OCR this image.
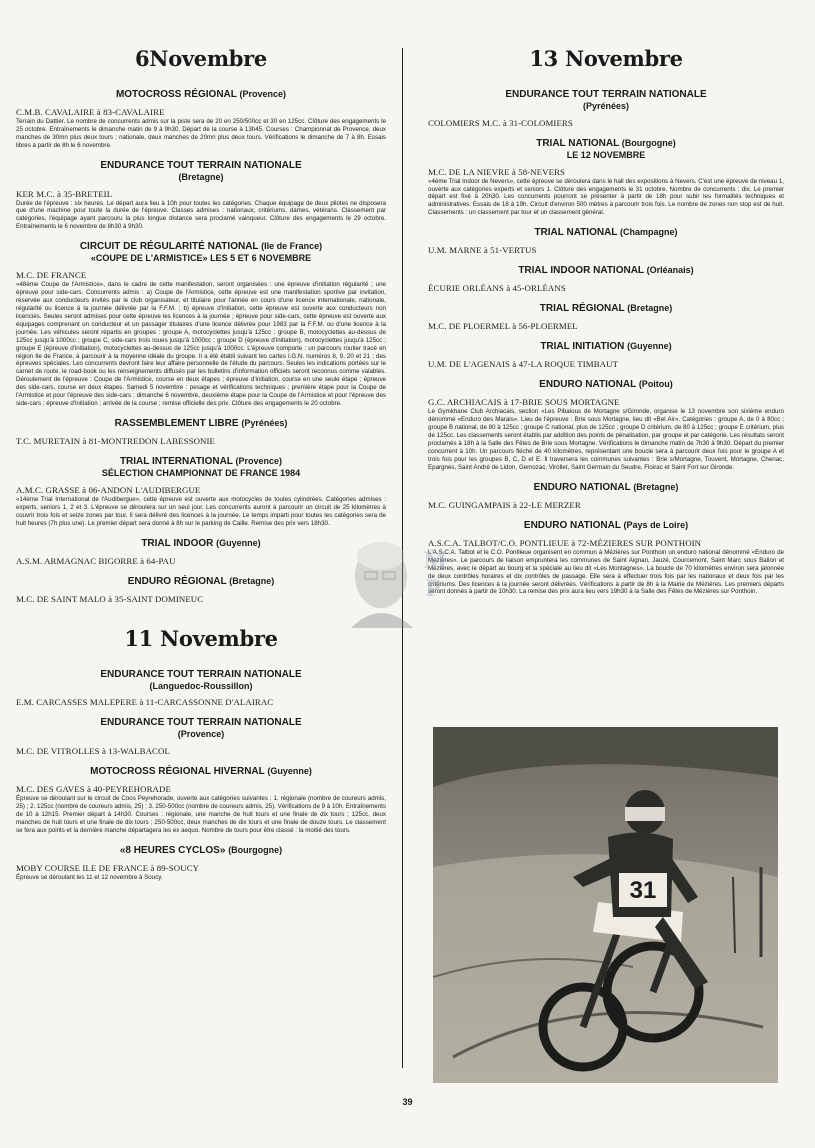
6Novembre

MOTOCROSS RÉGIONAL (Provence)

C.M.B. CAVALAIRE à 83-CAVALAIRE

Terrain du Dattier. Le nombre de concurrents admis sur la piste sera de 20 en 250/500cc et 30 en 125cc. Clôture des engagements le 25 octobre. Entraînements le dimanche matin de 9 à 9h30. Départ de la course à 13h45. Courses : Championnat de Provence, deux manches de 30mn plus deux tours ; nationale, deux manches de 20mn plus deux tours. Vérifications le dimanche de 7 à 8h. Essais libres à partir de 8h le 6 novembre.

ENDURANCE TOUT TERRAIN NATIONALE

(Bretagne)

KER M.C. à 35-BRETEIL

Durée de l'épreuve : six heures. Le départ aura lieu à 10h pour toutes les catégories. Chaque équipage de deux pilotes ne disposera que d'une machine pour toute la durée de l'épreuve. Classes admises : nationaux, critériums, dames, vétérans. Classement par catégories, l'équipage ayant parcouru la plus longue distance sera proclamé vainqueur. Clôture des engagements le 29 octobre. Entraînements le 6 novembre de 8h30 à 9h30.

CIRCUIT DE RÉGULARITÉ NATIONAL (Ile de France)

«COUPE DE L'ARMISTICE» LES 5 ET 6 NOVEMBRE

M.C. DE FRANCE

«48ème Coupe de l'Armistice», dans le cadre de cette manifestation, seront organisées : une épreuve d'initiation régularité ; une épreuve pour side-cars. Concurrents admis : a) Coupe de l'Armistice, cette épreuve est une manifestation sportive par invitation, réservée aux conducteurs invités par le club organisateur, et titulaire pour l'année en cours d'une licence internationale, nationale, régularité ou licence à la journée délivrée par la F.F.M. ; b) épreuve d'initiation, cette épreuve est ouverte aux conducteurs non licenciés. Seules seront admises pour cette épreuve les licences à la journée ; épreuve pour side-cars, cette épreuve est ouverte aux équipages comprenant un conducteur et un passager titulaires d'une licence délivrée pour 1983 par la F.F.M. ou d'une licence à la journée. Les véhicules seront répartis en groupes : groupe A, motocyclettes jusqu'à 125cc ; groupe B, motocyclettes au-dessus de 125cc jusqu'à 1000cc ; groupe C, side-cars trois roues jusqu'à 1000cc ; groupe D (épreuve d'initiation), motocyclettes jusqu'à 125cc ; groupe E (épreuve d'initiation), motocyclettes au-dessus de 125cc jusqu'à 1000cc. L'épreuve comporte : un parcours routier tracé en région Ile de France, à parcourir à la moyenne idéale du groupe. Il a été établi suivant les cartes I.G.N. numéros 8, 9, 20 et 21 ; des épreuves spéciales. Les concurrents devront faire leur affaire personnelle de l'étude du parcours. Seules les indications portées sur le carnet de route, le road-book ou les renseignements diffusés par les bulletins d'information officiels seront reconnus comme valables. Déroulement de l'épreuve : Coupe de l'Armistice, course en deux étapes ; épreuve d'initiation, course en une seule étape ; épreuve des side-cars, course en deux étapes. Samedi 5 novembre : pesage et vérifications techniques ; première étape pour la Coupe de l'Armistice et pour l'épreuve des side-cars ; dimanche 6 novembre, deuxième étape pour la Coupe de l'Armistice et pour l'épreuve des side-cars ; épreuve d'initiation ; arrivée de la course ; remise officielle des prix. Clôture des engagements le 20 octobre.

RASSEMBLEMENT LIBRE (Pyrénées)

T.C. MURETAIN à 81-MONTREDON LABESSONIE

TRIAL INTERNATIONAL (Provence)

SÉLECTION CHAMPIONNAT DE FRANCE 1984

A.M.C. GRASSE à 06-ANDON L'AUDIBERGUE

«14ème Trial International de l'Audibergue», cette épreuve est ouverte aux motocycles de toutes cylindrées. Catégories admises : experts, seniors 1, 2 et 3. L'épreuve se déroulera sur un seul jour. Les concurrents auront à parcourir un circuit de 25 kilomètres à couvrir trois fois et seize zones par tour. Il sera délivré des licences à la journée. Le temps imparti pour toutes les catégories sera de huit heures (7h plus une). Le premier départ sera donné à 8h sur le parking de Caille. Remise des prix vers 18h30.

TRIAL INDOOR (Guyenne)

A.S.M. ARMAGNAC BIGORRE à 64-PAU

ENDURO RÉGIONAL (Bretagne)

M.C. DE SAINT MALO à 35-SAINT DOMINEUC

11 Novembre

ENDURANCE TOUT TERRAIN NATIONALE

(Languedoc-Roussillon)

E.M. CARCASSES MALEPERE à 11-CARCASSONNE D'ALAIRAC

ENDURANCE TOUT TERRAIN NATIONALE

(Provence)

M.C. DE VITROLLES à 13-WALBACOL

MOTOCROSS RÉGIONAL HIVERNAL (Guyenne)

M.C. DES GAVES à 40-PEYREHORADE

Épreuve se déroulant sur le circuit de Coos Peyrehorade, ouverte aux catégories suivantes : 1. régionale (nombre de coureurs admis, 25) ; 2. 125cc (nombre de coureurs admis, 25) ; 3. 250-500cc (nombre de coureurs admis, 25). Vérifications de 9 à 10h. Entraînements de 10 à 12h15. Premier départ à 14h30. Courses : régionale, une manche de huit tours et une finale de dix tours ; 125cc, deux manches de huit tours et une finale de dix tours ; 250-500cc, deux manches de dix tours et une finale de douze tours. Le classement se fera aux points et la dernière manche départagera les ex aequo. Nombre de tours pour être classé : la moitié des tours.

«8 HEURES CYCLOS» (Bourgogne)

MOBY COURSE ILE DE FRANCE à 89-SOUCY

Épreuve se déroulant les 11 et 12 novembre à Soucy.

13 Novembre

ENDURANCE TOUT TERRAIN NATIONALE

(Pyrénées)

COLOMIERS M.C. à 31-COLOMIERS

TRIAL NATIONAL (Bourgogne)

LE 12 NOVEMBRE

M.C. DE LA NIEVRE à 58-NEVERS

«4ème Trial Indoor de Nevers», cette épreuve se déroulera dans le hall des expositions à Nevers. C'est une épreuve de niveau 1, ouverte aux catégories experts et seniors 1. Clôture des engagements le 31 octobre. Nombre de concurrents : dix. Le premier départ est fixé à 20h30. Les concurrents pourront se présenter à partir de 18h pour subir les formalités techniques et administratives. Essais de 18 à 19h. Circuit d'environ 500 mètres à parcourir trois fois. Le nombre de zones non stop est de huit. Classements : un classement par tour et un classement général.

TRIAL NATIONAL (Champagne)

U.M. MARNE à 51-VERTUS

TRIAL INDOOR NATIONAL (Orléanais)

ÉCURIE ORLÉANS à 45-ORLÉANS

TRIAL RÉGIONAL (Bretagne)

M.C. DE PLOERMEL à 56-PLOERMEL

TRIAL INITIATION (Guyenne)

U.M. DE L'AGENAIS à 47-LA ROQUE TIMBAUT

ENDURO NATIONAL (Poitou)

G.C. ARCHIACAIS à 17-BRIE SOUS MORTAGNE

Le Gymkhane Club Archiacais, section «Les Pibalous de Mortagne s/Gironde, organise le 13 novembre son sixième enduro dénommé «Enduro des Marais». Lieu de l'épreuve : Brie sous Mortagne, lieu dit «Bel Air». Catégories : groupe A, de 0 à 80cc ; groupe B national, de 80 à 125cc ; groupe C national, plus de 125cc ; groupe D critérium, de 80 à 125cc ; groupe E critérium, plus de 125cc. Les classements seront établis par addition des points de pénalisation, par groupe et par catégorie. Les résultats seront proclamés à 18h à la Salle des Fêtes de Brie sous Mortagne. Vérifications le dimanche matin de 7h30 à 9h30. Départ du premier concurrent à 10h. Un parcours fléché de 40 kilomètres, représentant une boucle sera à parcourir deux fois pour le groupe A et trois fois pour les groupes B, C, D et E. Il traversera les communes suivantes : Brie s/Mortagne, Touvent, Mortagne, Chenac, Epargnes, Saint André de Lidon, Gemozac, Virollet, Saint Germain du Seudre, Floirac et Saint Fort sur Gironde.

ENDURO NATIONAL (Bretagne)

M.C. GUINGAMPAIS à 22-LE MERZER

ENDURO NATIONAL (Pays de Loire)

A.S.C.A. TALBOT/C.O. PONTLIEUE à 72-MÉZIERES SUR PONTHOIN

L'A.S.C.A. Talbot et le C.O. Pontlieue organisent en commun à Mézières sur Ponthoin un enduro national dénommé «Enduro de Mézières». Le parcours de liaison empruntera les communes de Saint Aignan, Jauzé, Courcemont, Saint Marc sous Ballon et Mézières, avec le départ au bourg et la spéciale au lieu dit «Les Montagnes». La boucle de 70 kilomètres environ sera jalonnée de deux contrôles horaires et dix contrôles de passage. Elle sera à effectuer trois fois par les nationaux et deux fois par les critériums. Des licences à la journée seront délivrées. Vérifications à partir de 8h à la Mairie de Mézières. Les premiers départs seront donnés à partir de 10h30. La remise des prix aura lieu vers 19h30 à la Salle des Fêtes de Mézières sur Ponthoin.

M
P
31
39
